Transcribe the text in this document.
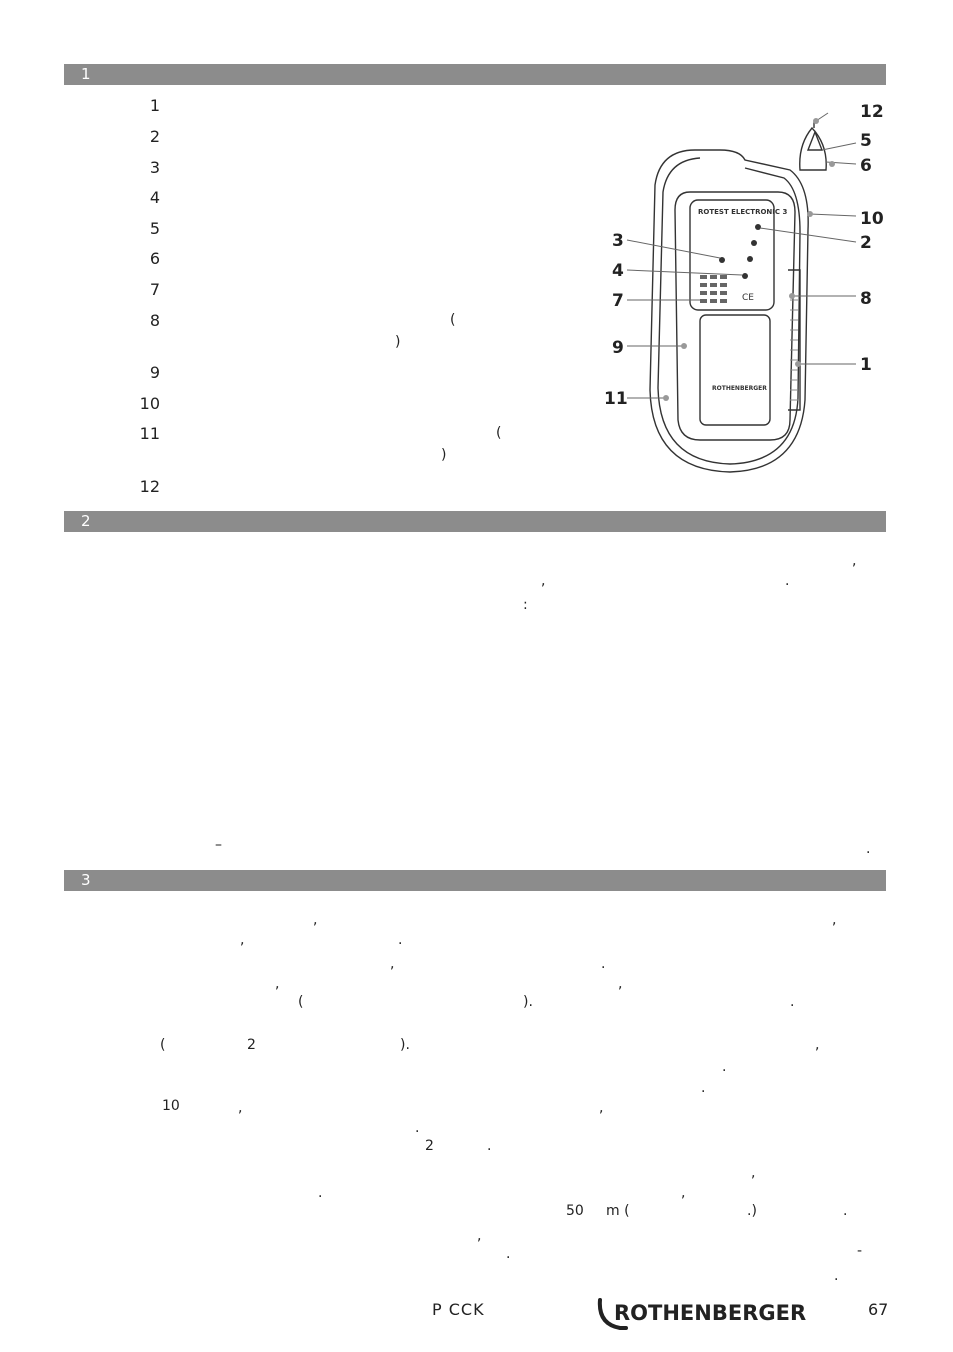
1
2
3
1
2
3
4
5
6
7
8
9
10
11
12
(
)
(
)
ROTEST ELECTRONIC 3
ROTHENBERGER
CE
12
5
6
10
2
3
4
7	8
9
1
11
,
,	.
:
–	.
,	,
,	.
,	.
,	,
(	).	.
(	2	).	,
.
.
10	,	,
.
2	.
,
.	,
50 m (	.)	.
,
-
.
.
P CCK	ROTHENBERGER	67
